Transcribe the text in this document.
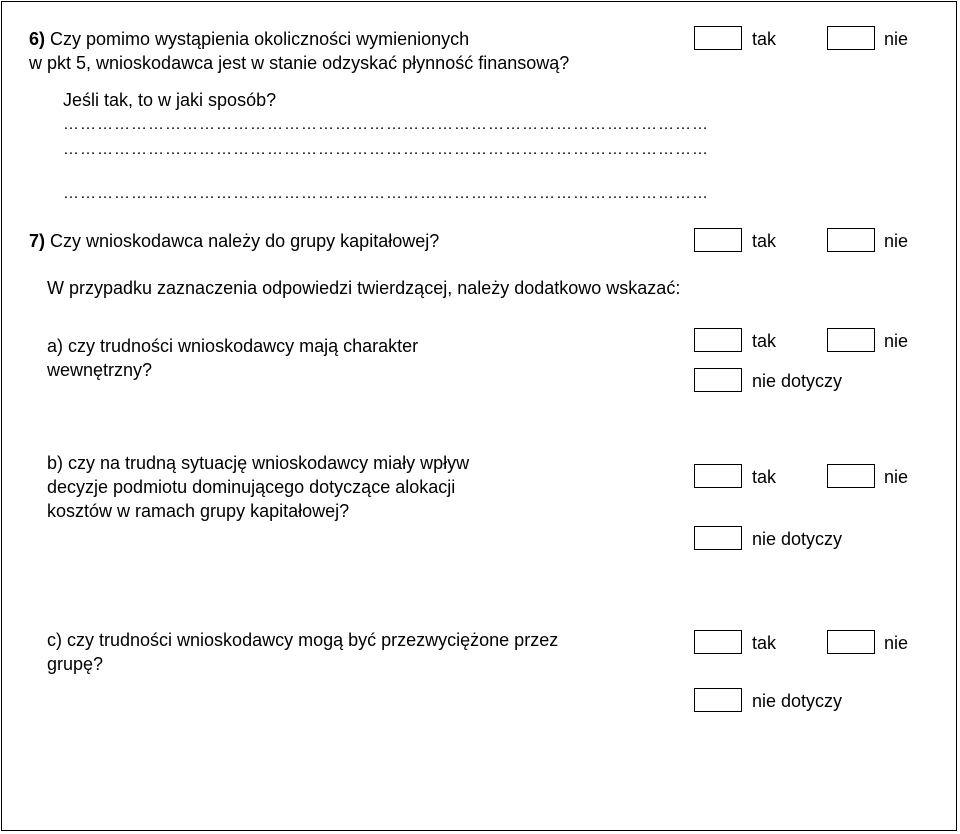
6) Czy pomimo wystąpienia okoliczności wymienionych
w pkt 5, wnioskodawca jest w stanie odzyskać płynność finansową?
Jeśli tak, to w jaki sposób?
……………………………………………………………………………………………………
……………………………………………………………………………………………………
……………………………………………………………………………………………………
tak	nie
7) Czy wnioskodawca należy do grupy kapitałowej?	tak	nie
W przypadku zaznaczenia odpowiedzi twierdzącej, należy dodatkowo wskazać:
a) czy trudności wnioskodawcy mają charakter
wewnętrzny?
tak	nie
nie dotyczy
b) czy na trudną sytuację wnioskodawcy miały wpływ
decyzje podmiotu dominującego dotyczące alokacji
kosztów w ramach grupy kapitałowej?
tak	nie
nie dotyczy
c) czy trudności wnioskodawcy mogą być przezwyciężone przez
grupę?
tak	nie
nie dotyczy
